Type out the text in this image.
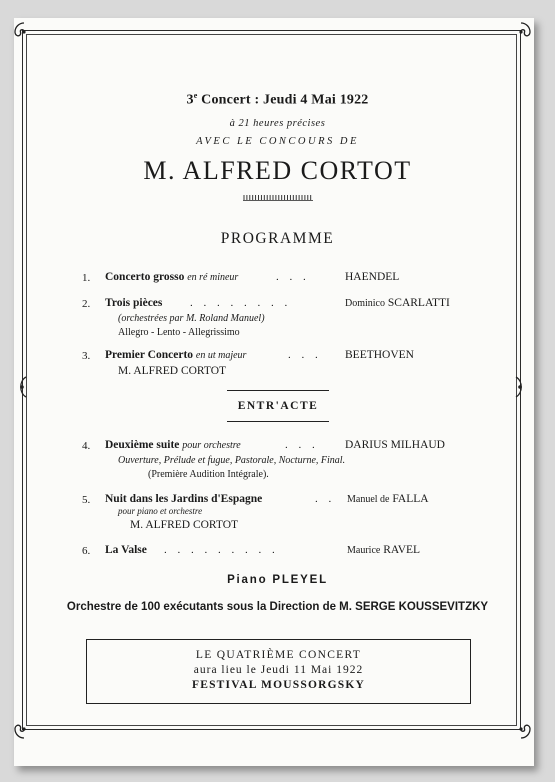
3e Concert : Jeudi 4 Mai 1922
à 21 heures précises
AVEC LE CONCOURS DE
M. ALFRED CORTOT
PROGRAMME
1. Concerto grosso en ré mineur	. . .	HAENDEL
2. Trois pièces	. . . . . . . .	Dominico SCARLATTI
(orchestrées par M. Roland Manuel)
Allegro - Lento - Allegrissimo
3. Premier Concerto en ut majeur	. . . BEETHOVEN
M. ALFRED CORTOT
ENTR'ACTE
4. Deuxième suite pour orchestre	. . . DARIUS MILHAUD
Ouverture, Prélude et fugue, Pastorale, Nocturne, Final.
(Première Audition Intégrale).
5. Nuit dans les Jardins d'Espagne	. . Manuel de FALLA
pour piano et orchestre
M. ALFRED CORTOT
6. La Valse . . . . . . . . .	Maurice RAVEL
Piano PLEYEL
Orchestre de 100 exécutants sous la Direction de M. SERGE KOUSSEVITZKY
LE QUATRIÈME CONCERT
aura lieu le Jeudi 11 Mai 1922
FESTIVAL MOUSSORGSKY
